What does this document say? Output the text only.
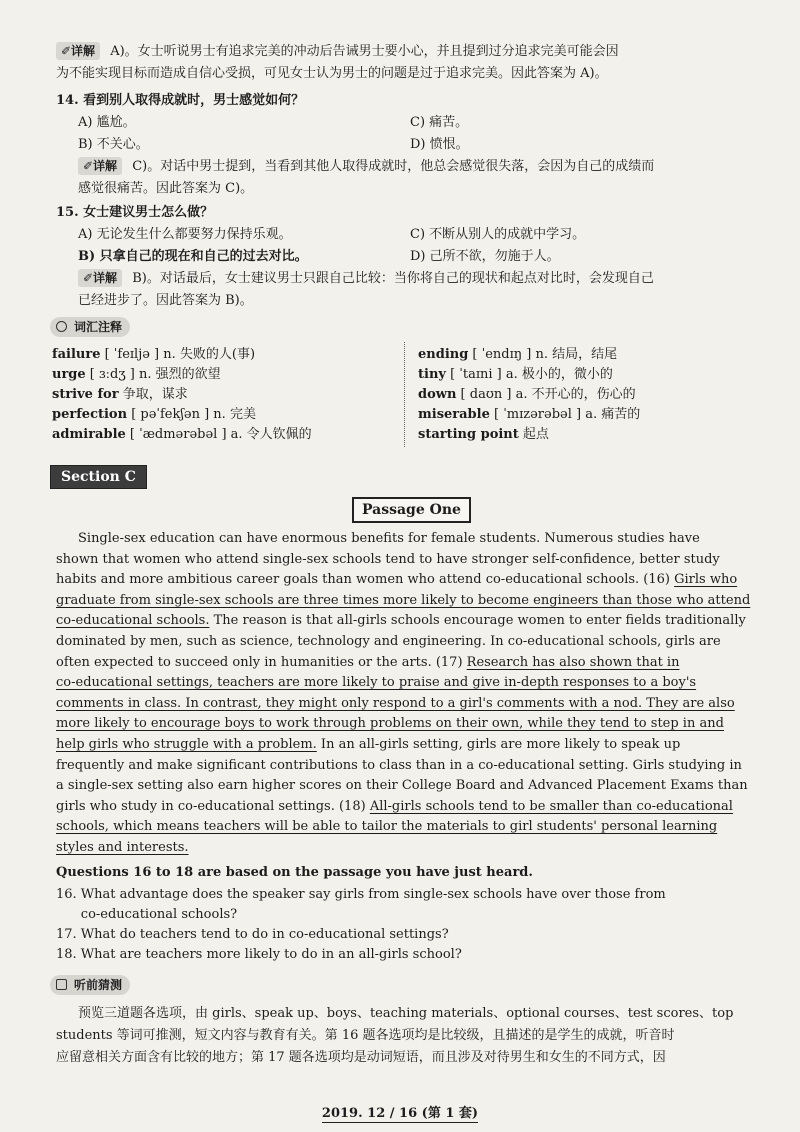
✐详解 A)。女士听说男士有追求完美的冲动后告诫男士要小心，并且提到过分追求完美可能会因
为不能实现目标而造成自信心受损，可见女士认为男士的问题是过于追求完美。因此答案为 A)。
14. 看到别人取得成就时，男士感觉如何？
A) 尴尬。	C) 痛苦。
B) 不关心。	D) 愤恨。
✐详解 C)。对话中男士提到，当看到其他人取得成就时，他总会感觉很失落，会因为自己的成绩而
感觉很痛苦。因此答案为 C)。
15. 女士建议男士怎么做？
A) 无论发生什么都要努力保持乐观。	C) 不断从别人的成就中学习。
B) 只拿自己的现在和自己的过去对比。	D) 己所不欲，勿施于人。
✐详解 B)。对话最后，女士建议男士只跟自己比较：当你将自己的现状和起点对比时，会发现自己
已经进步了。因此答案为 B)。
词汇注释
failure [ ˈfeɪljə ] n. 失败的人(事)
urge [ ɜːdʒ ] n. 强烈的欲望
strive for 争取，谋求
perfection [ pəˈfekʃən ] n. 完美
admirable [ ˈædmərəbəl ] a. 令人钦佩的
ending [ ˈendɪŋ ] n. 结局，结尾
tiny [ ˈtaɪni ] a. 极小的，微小的
down [ daʊn ] a. 不开心的，伤心的
miserable [ ˈmɪzərəbəl ] a. 痛苦的
starting point 起点
Section C
Passage One
Single-sex education can have enormous benefits for female students. Numerous studies have
shown that women who attend single-sex schools tend to have stronger self-confidence, better study
habits and more ambitious career goals than women who attend co-educational schools. (16) Girls who
graduate from single-sex schools are three times more likely to become engineers than those who attend
co-educational schools. The reason is that all-girls schools encourage women to enter fields traditionally
dominated by men, such as science, technology and engineering. In co-educational schools, girls are
often expected to succeed only in humanities or the arts. (17) Research has also shown that in
co-educational settings, teachers are more likely to praise and give in-depth responses to a boy's
comments in class. In contrast, they might only respond to a girl's comments with a nod. They are also
more likely to encourage boys to work through problems on their own, while they tend to step in and
help girls who struggle with a problem. In an all-girls setting, girls are more likely to speak up
frequently and make significant contributions to class than in a co-educational setting. Girls studying in
a single-sex setting also earn higher scores on their College Board and Advanced Placement Exams than
girls who study in co-educational settings. (18) All-girls schools tend to be smaller than co-educational
schools, which means teachers will be able to tailor the materials to girl students' personal learning
styles and interests.
Questions 16 to 18 are based on the passage you have just heard.
16. What advantage does the speaker say girls from single-sex schools have over those from
co-educational schools?
17. What do teachers tend to do in co-educational settings?
18. What are teachers more likely to do in an all-girls school?
听前猜测
预览三道题各选项，由 girls、speak up、boys、teaching materials、optional courses、test scores、top
students 等词可推测，短文内容与教育有关。第 16 题各选项均是比较级，且描述的是学生的成就，听音时
应留意相关方面含有比较的地方；第 17 题各选项均是动词短语，而且涉及对待男生和女生的不同方式，因
2019. 12 / 16 (第 1 套)
